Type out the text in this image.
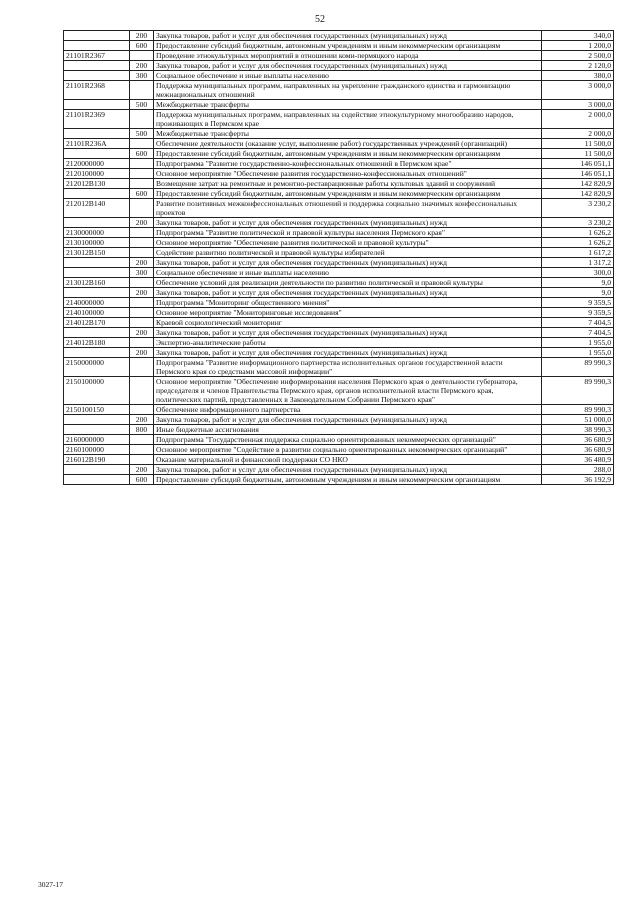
52
	200	Закупка товаров, работ и услуг для обеспечения государственных (муниципальных) нужд	340,0
	600	Предоставление субсидий бюджетным, автономным учреждениям и иным некоммерческим организациям	1 200,0
21101R2367		Проведение этнокультурных мероприятий в отношении коми-пермяцкого народа	2 500,0
	200	Закупка товаров, работ и услуг для обеспечения государственных (муниципальных) нужд	2 120,0
	300	Социальное обеспечение и иные выплаты населению	380,0
21101R2368		Поддержка муниципальных программ, направленных на укрепление гражданского единства и гармонизацию межнациональных отношений	3 000,0
	500	Межбюджетные трансферты	3 000,0
21101R2369		Поддержка муниципальных программ, направленных на содействие этнокультурному многообразию народов, проживающих в Пермском крае	2 000,0
	500	Межбюджетные трансферты	2 000,0
21101R236A		Обеспечение деятельности (оказание услуг, выполнение работ) государственных учреждений (организаций)	11 500,0
	600	Предоставление субсидий бюджетным, автономным учреждениям и иным некоммерческим организациям	11 500,0
2120000000		Подпрограмма "Развитие государственно-конфессиональных отношений в Пермском крае"	146 051,1
2120100000		Основное мероприятие "Обеспечение развития государственно-конфессиональных отношений"	146 051,1
212012В130		Возмещение затрат на ремонтные и ремонтно-реставрационные работы культовых зданий и сооружений	142 820,9
	600	Предоставление субсидий бюджетным, автономным учреждениям и иным некоммерческим организациям	142 820,9
212012В140		Развитие позитивных межконфессиональных отношений и поддержка социально значимых конфессиональных проектов	3 230,2
	200	Закупка товаров, работ и услуг для обеспечения государственных (муниципальных) нужд	3 230,2
2130000000		Подпрограмма "Развитие политической и правовой культуры населения Пермского края"	1 626,2
2130100000		Основное мероприятие "Обеспечение развития политической и правовой культуры"	1 626,2
213012В150		Содействие развитию политической и правовой культуры избирателей	1 617,2
	200	Закупка товаров, работ и услуг для обеспечения государственных (муниципальных) нужд	1 317,2
	300	Социальное обеспечение и иные выплаты населению	300,0
213012В160		Обеспечение условий для реализации деятельности по развитию политической и правовой культуры	9,0
	200	Закупка товаров, работ и услуг для обеспечения государственных (муниципальных) нужд	9,0
2140000000		Подпрограмма "Мониторинг общественного мнения"	9 359,5
2140100000		Основное мероприятие "Мониторинговые исследования"	9 359,5
214012В170		Краевой социологический мониторинг	7 404,5
	200	Закупка товаров, работ и услуг для обеспечения государственных (муниципальных) нужд	7 404,5
214012В180		Экспертно-аналитические работы	1 955,0
	200	Закупка товаров, работ и услуг для обеспечения государственных (муниципальных) нужд	1 955,0
2150000000		Подпрограмма "Развитие информационного партнерства исполнительных органов государственной власти Пермского края со средствами массовой информации"	89 990,3
2150100000		Основное мероприятие "Обеспечение информирования населения Пермского края о деятельности губернатора, председателя и членов Правительства Пермского края, органов исполнительной власти Пермского края, политических партий, представленных в Законодательном Собрании Пермского края"	89 990,3
2150100150		Обеспечение информационного партнерства	89 990,3
	200	Закупка товаров, работ и услуг для обеспечения государственных (муниципальных) нужд	51 000,0
	800	Иные бюджетные ассигнования	38 990,3
2160000000		Подпрограмма "Государственная поддержка социально ориентированных некоммерческих организаций"	36 680,9
2160100000		Основное мероприятие "Содействие в развитии социально ориентированных некоммерческих организаций"	36 680,9
216012В190		Оказание материальной и финансовой поддержки СО НКО	36 480,9
	200	Закупка товаров, работ и услуг для обеспечения государственных (муниципальных) нужд	288,0
	600	Предоставление субсидий бюджетным, автономным учреждениям и иным некоммерческим организациям	36 192,9
3027-17
